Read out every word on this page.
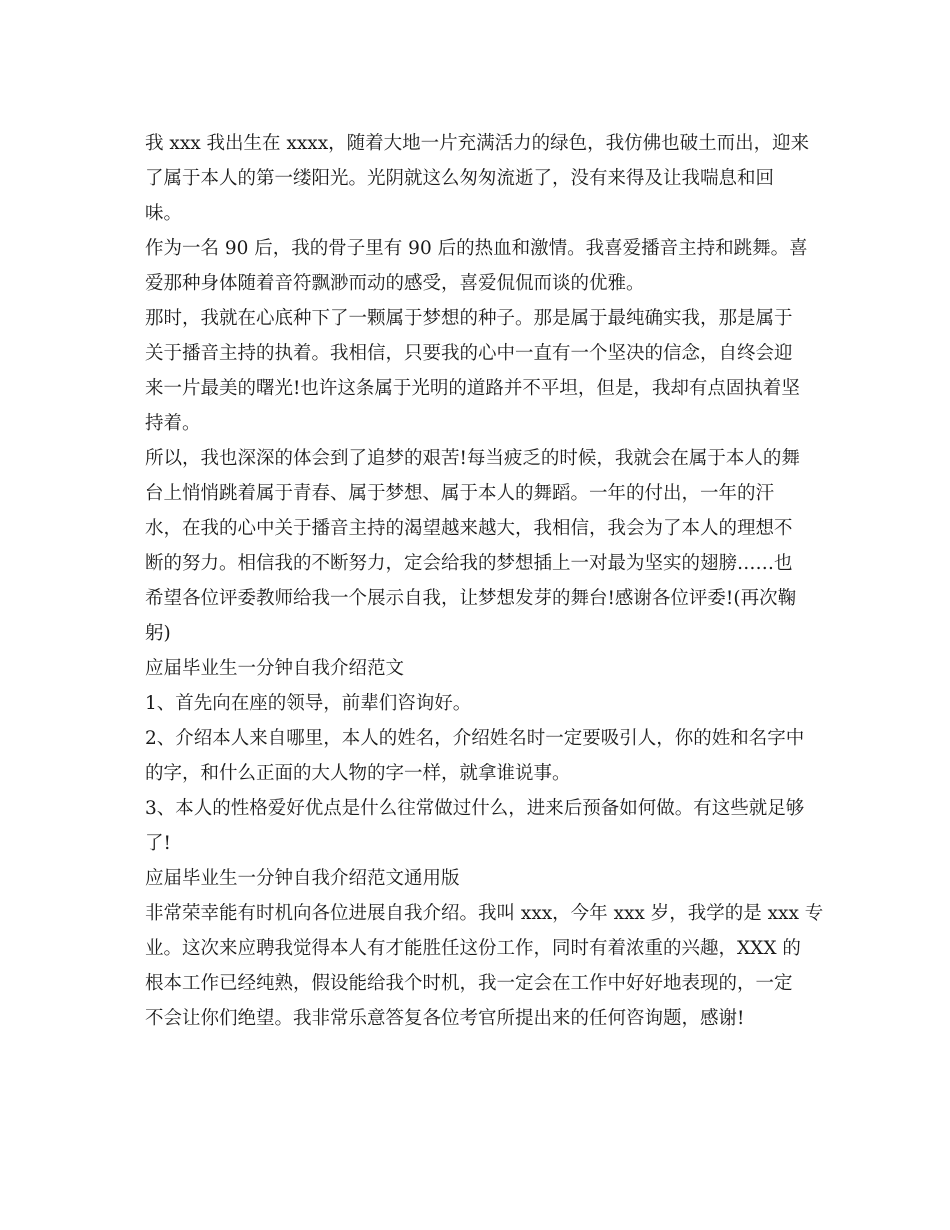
我 xxx 我出生在 xxxx，随着大地一片充满活力的绿色，我仿佛也破土而出，迎来
了属于本人的第一缕阳光。光阴就这么匆匆流逝了，没有来得及让我喘息和回
味。
作为一名 90 后，我的骨子里有 90 后的热血和激情。我喜爱播音主持和跳舞。喜
爱那种身体随着音符飘渺而动的感受，喜爱侃侃而谈的优雅。
那时，我就在心底种下了一颗属于梦想的种子。那是属于最纯确实我，那是属于
关于播音主持的执着。我相信，只要我的心中一直有一个坚决的信念，自终会迎
来一片最美的曙光!也许这条属于光明的道路并不平坦，但是，我却有点固执着坚
持着。
所以，我也深深的体会到了追梦的艰苦!每当疲乏的时候，我就会在属于本人的舞
台上悄悄跳着属于青春、属于梦想、属于本人的舞蹈。一年的付出，一年的汗
水，在我的心中关于播音主持的渴望越来越大，我相信，我会为了本人的理想不
断的努力。相信我的不断努力，定会给我的梦想插上一对最为坚实的翅膀……也
希望各位评委教师给我一个展示自我，让梦想发芽的舞台!感谢各位评委!(再次鞠
躬)
应届毕业生一分钟自我介绍范文
1、首先向在座的领导，前辈们咨询好。
2、介绍本人来自哪里，本人的姓名，介绍姓名时一定要吸引人，你的姓和名字中
的字，和什么正面的大人物的字一样，就拿谁说事。
3、本人的性格爱好优点是什么往常做过什么，进来后预备如何做。有这些就足够
了!
应届毕业生一分钟自我介绍范文通用版
非常荣幸能有时机向各位进展自我介绍。我叫 xxx，今年 xxx 岁，我学的是 xxx 专
业。这次来应聘我觉得本人有才能胜任这份工作，同时有着浓重的兴趣，XXX 的
根本工作已经纯熟，假设能给我个时机，我一定会在工作中好好地表现的，一定
不会让你们绝望。我非常乐意答复各位考官所提出来的任何咨询题，感谢!
